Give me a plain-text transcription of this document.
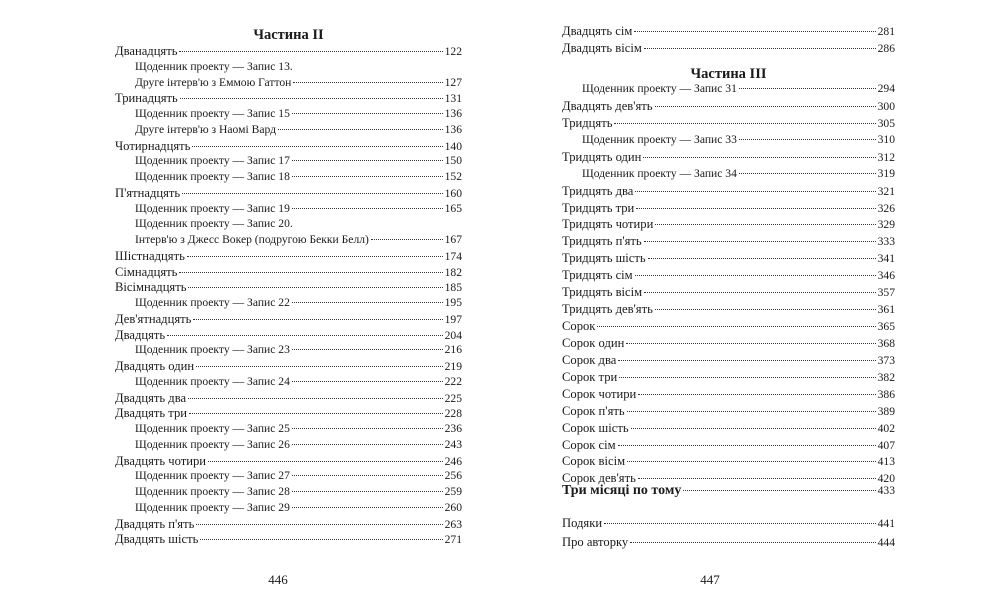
Частина II
Дванадцять	122
Щоденник проекту — Запис 13.
Друге інтерв'ю з Еммою Гаттон	127
Тринадцять	131
Щоденник проекту — Запис 15	136
Друге інтерв'ю з Наомі Вард	136
Чотирнадцять	140
Щоденник проекту — Запис 17	150
Щоденник проекту — Запис 18	152
П'ятнадцять	160
Щоденник проекту — Запис 19	165
Щоденник проекту — Запис 20.
Інтерв'ю з Джесс Вокер (подругою Бекки Белл)	167
Шістнадцять	174
Сімнадцять	182
Вісімнадцять	185
Щоденник проекту — Запис 22	195
Дев'ятнадцять	197
Двадцять	204
Щоденник проекту — Запис 23	216
Двадцять один	219
Щоденник проекту — Запис 24	222
Двадцять два	225
Двадцять три	228
Щоденник проекту — Запис 25	236
Щоденник проекту — Запис 26	243
Двадцять чотири	246
Щоденник проекту — Запис 27	256
Щоденник проекту — Запис 28	259
Щоденник проекту — Запис 29	260
Двадцять п'ять	263
Двадцять шість	271
446
Двадцять сім	281
Двадцять вісім	286
Частина III
Щоденник проекту — Запис 31	294
Двадцять дев'ять	300
Тридцять	305
Щоденник проекту — Запис 33	310
Тридцять один	312
Щоденник проекту — Запис 34	319
Тридцять два	321
Тридцять три	326
Тридцять чотири	329
Тридцять п'ять	333
Тридцять шість	341
Тридцять сім	346
Тридцять вісім	357
Тридцять дев'ять	361
Сорок	365
Сорок один	368
Сорок два	373
Сорок три	382
Сорок чотири	386
Сорок п'ять	389
Сорок шість	402
Сорок сім	407
Сорок вісім	413
Сорок дев'ять	420
Три місяці по тому	433
Подяки	441
Про авторку	444
447
